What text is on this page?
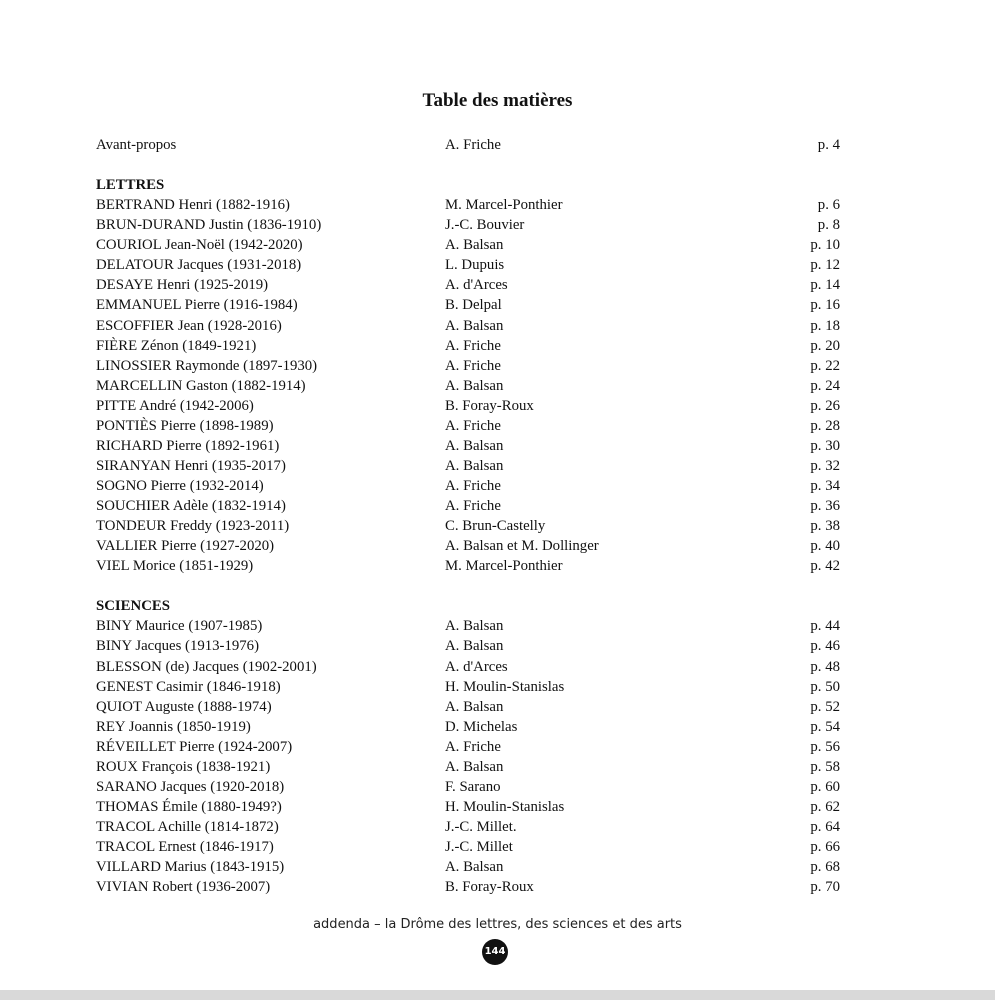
Table des matières
Avant-propos	A. Friche	p. 4
LETTRES
BERTRAND Henri (1882-1916)	M. Marcel-Ponthier	p. 6
BRUN-DURAND Justin (1836-1910)	J.-C. Bouvier	p. 8
COURIOL Jean-Noël (1942-2020)	A. Balsan	p. 10
DELATOUR Jacques (1931-2018)	L. Dupuis	p. 12
DESAYE Henri (1925-2019)	A. d'Arces	p. 14
EMMANUEL Pierre (1916-1984)	B. Delpal	p. 16
ESCOFFIER Jean (1928-2016)	A. Balsan	p. 18
FIÈRE Zénon (1849-1921)	A. Friche	p. 20
LINOSSIER Raymonde (1897-1930)	A. Friche	p. 22
MARCELLIN Gaston (1882-1914)	A. Balsan	p. 24
PITTE André (1942-2006)	B. Foray-Roux	p. 26
PONTIÈS Pierre (1898-1989)	A. Friche	p. 28
RICHARD Pierre (1892-1961)	A. Balsan	p. 30
SIRANYAN Henri (1935-2017)	A. Balsan	p. 32
SOGNO Pierre (1932-2014)	A. Friche	p. 34
SOUCHIER Adèle (1832-1914)	A. Friche	p. 36
TONDEUR Freddy (1923-2011)	C. Brun-Castelly	p. 38
VALLIER Pierre (1927-2020)	A. Balsan et M. Dollinger	p. 40
VIEL Morice (1851-1929)	M. Marcel-Ponthier	p. 42
SCIENCES
BINY Maurice (1907-1985)	A. Balsan	p. 44
BINY Jacques (1913-1976)	A. Balsan	p. 46
BLESSON (de) Jacques (1902-2001)	A. d'Arces	p. 48
GENEST Casimir (1846-1918)	H. Moulin-Stanislas	p. 50
QUIOT Auguste (1888-1974)	A. Balsan	p. 52
REY Joannis (1850-1919)	D. Michelas	p. 54
RÉVEILLET Pierre (1924-2007)	A. Friche	p. 56
ROUX François (1838-1921)	A. Balsan	p. 58
SARANO Jacques (1920-2018)	F. Sarano	p. 60
THOMAS Émile (1880-1949?)	H. Moulin-Stanislas	p. 62
TRACOL Achille (1814-1872)	J.-C. Millet.	p. 64
TRACOL Ernest (1846-1917)	J.-C. Millet	p. 66
VILLARD Marius (1843-1915)	A. Balsan	p. 68
VIVIAN Robert (1936-2007)	B. Foray-Roux	p. 70
addenda – la Drôme des lettres, des sciences et des arts
144
